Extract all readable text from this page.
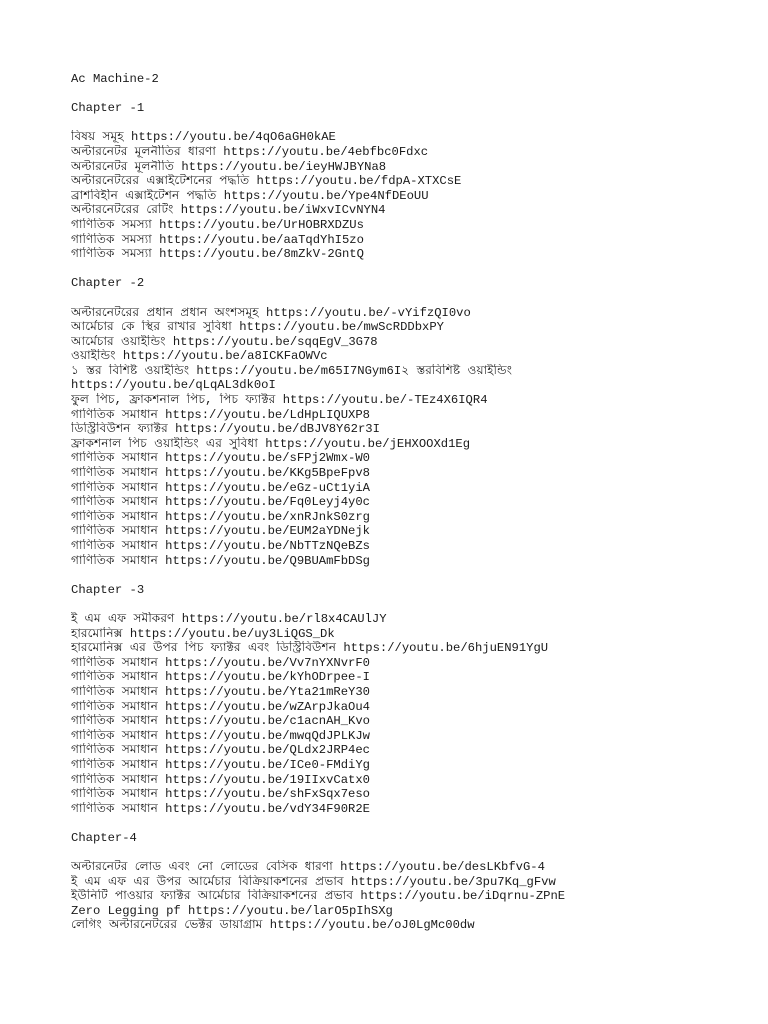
Ac Machine-2
Chapter -1
বিষয় সমূহ https://youtu.be/4qO6aGH0kAE
অল্টারনেটর মূলনীতির ধারণা https://youtu.be/4ebfbc0Fdxc
অল্টারনেটর মূলনীতি https://youtu.be/ieyHWJBYNa8
অল্টারনেটরের এক্সাইটেশনের পদ্ধতি https://youtu.be/fdpA-XTXCsE
ব্রাশবিহীন এক্সাইটেশন পদ্ধতি https://youtu.be/Ype4NfDEoUU
অল্টারনেটরের রেটিং https://youtu.be/iWxvICvNYN4
গাণিতিক সমস্যা https://youtu.be/UrHOBRXDZUs
গাণিতিক সমস্যা https://youtu.be/aaTqdYhI5zo
গাণিতিক সমস্যা https://youtu.be/8mZkV-2GntQ
Chapter -2
অল্টারনেটরের প্রধান প্রধান অংশসমূহ https://youtu.be/-vYifzQI0vo
আর্মেচার কে স্থির রাখার সুবিধা https://youtu.be/mwScRDDbxPY
আর্মেচার ওয়াইন্ডিং https://youtu.be/sqqEgV_3G78
ওয়াইন্ডিং https://youtu.be/a8ICKFaOWVc
১ স্তর বিশিষ্ট ওয়াইন্ডিং https://youtu.be/m65I7NGym6I২ স্তরবিশিষ্ট ওয়াইন্ডিং
https://youtu.be/qLqAL3dk0oI
ফুল পিচ, ফ্রাকশনাল পিচ, পিচ ফ্যাক্টর https://youtu.be/-TEz4X6IQR4
গাণিতিক সমাধান https://youtu.be/LdHpLIQUXP8
ডিস্ট্রিবিউশন ফ্যাক্টর https://youtu.be/dBJV8Y62r3I
ফ্রাকশনাল পিচ ওয়াইন্ডিং এর সুবিধা https://youtu.be/jEHXOOXd1Eg
গাণিতিক সমাধান https://youtu.be/sFPj2Wmx-W0
গাণিতিক সমাধান https://youtu.be/KKg5BpeFpv8
গাণিতিক সমাধান https://youtu.be/eGz-uCt1yiA
গাণিতিক সমাধান https://youtu.be/Fq0Leyj4y0c
গাণিতিক সমাধান https://youtu.be/xnRJnkS0zrg
গাণিতিক সমাধান https://youtu.be/EUM2aYDNejk
গাণিতিক সমাধান https://youtu.be/NbTTzNQeBZs
গাণিতিক সমাধান https://youtu.be/Q9BUAmFbDSg
Chapter -3
ই এম এফ সমীকরণ https://youtu.be/rl8x4CAUlJY
হারমোনিক্স https://youtu.be/uy3LiQGS_Dk
হারমোনিক্স এর উপর পিচ ফ্যাক্টর এবং ডিস্ট্রিবিউশন https://youtu.be/6hjuEN91YgU
গাণিতিক সমাধান https://youtu.be/Vv7nYXNvrF0
গাণিতিক সমাধান https://youtu.be/kYhODrpee-I
গাণিতিক সমাধান https://youtu.be/Yta21mReY30
গাণিতিক সমাধান https://youtu.be/wZArpJkaOu4
গাণিতিক সমাধান https://youtu.be/c1acnAH_Kvo
গাণিতিক সমাধান https://youtu.be/mwqQdJPLKJw
গাণিতিক সমাধান https://youtu.be/QLdx2JRP4ec
গাণিতিক সমাধান https://youtu.be/ICe0-FMdiYg
গাণিতিক সমাধান https://youtu.be/19IIxvCatx0
গাণিতিক সমাধান https://youtu.be/shFxSqx7eso
গাণিতিক সমাধান https://youtu.be/vdY34F90R2E
Chapter-4
অল্টারনেটর লোড এবং নো লোডের বেসিক ধারণা https://youtu.be/desLKbfvG-4
ই এম এফ এর উপর আর্মেচার বিক্রিয়াকশনের প্রভাব https://youtu.be/3pu7Kq_gFvw
ইউনিটি পাওয়ার ফ্যাক্টর আর্মেচার বিক্রিয়াকশনের প্রভাব https://youtu.be/iDqrnu-ZPnE
Zero Legging pf https://youtu.be/larO5pIhSXg
লেগিং অল্টারনেটরের ভেক্টর ডায়াগ্রাম https://youtu.be/oJ0LgMc00dw
